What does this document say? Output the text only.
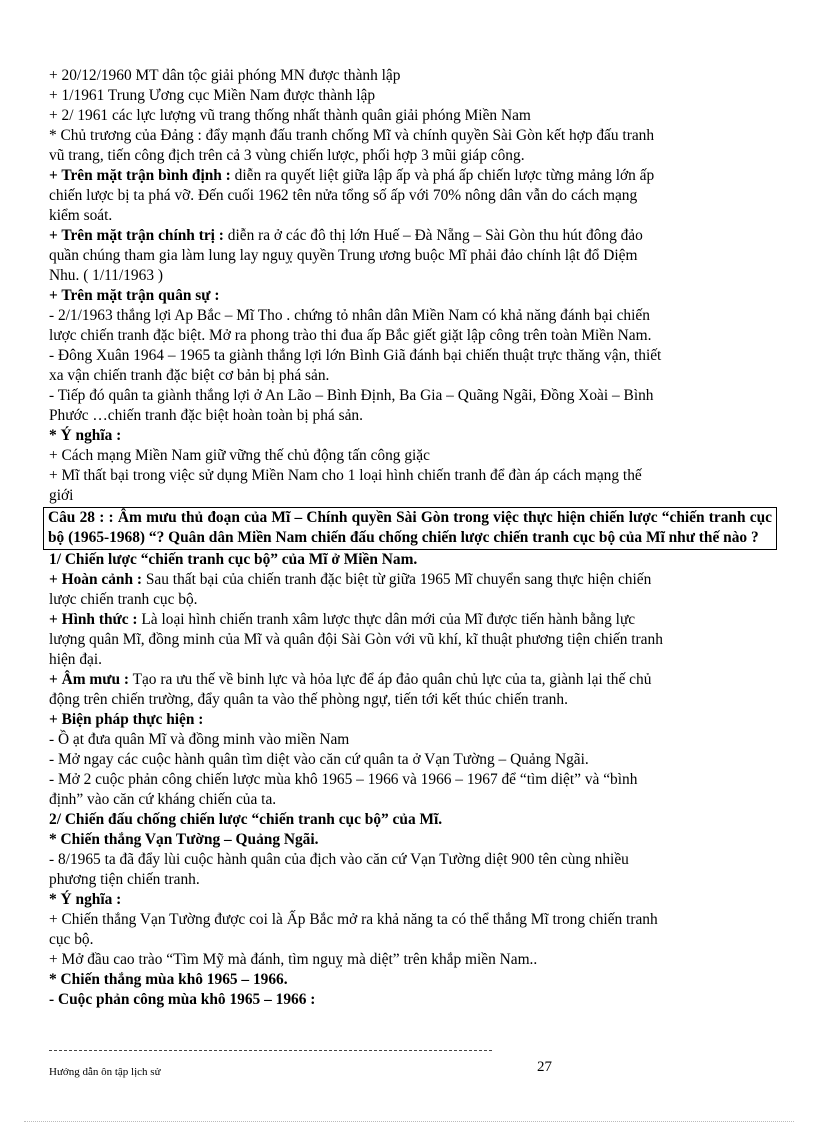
+ 20/12/1960 MT dân tộc giải phóng MN được thành lập
+ 1/1961 Trung Ương cục Miền Nam được thành lập
+ 2/ 1961 các lực lượng vũ trang thống nhất thành quân giải phóng Miền Nam
* Chủ trương của Đảng : đẩy mạnh đấu tranh chống Mĩ và chính quyền Sài Gòn kết hợp đấu tranh
vũ trang, tiến công địch trên cả 3 vùng chiến lược, phối hợp 3 mũi giáp công.
+ Trên mặt trận bình định : diễn ra quyết liệt giữa lập ấp và phá ấp chiến lược từng mảng lớn ấp
chiến lược bị ta phá vỡ. Đến cuối 1962 tên nửa tổng số ấp với 70% nông dân vẫn do cách mạng
kiểm soát.
+ Trên mặt trận chính trị : diễn ra ở các đô thị lớn Huế – Đà Nẵng – Sài Gòn thu hút đông đảo
quần chúng tham gia làm lung lay nguỵ quyền Trung ương buộc Mĩ phải đảo chính lật đổ Diệm
Nhu. ( 1/11/1963 )
+ Trên mặt trận quân sự :
- 2/1/1963 thắng lợi Ap Bắc – Mĩ Tho . chứng tỏ nhân dân Miền Nam có khả năng đánh bại chiến
lược chiến tranh đặc biệt. Mở ra phong trào thi đua ấp Bắc giết giặt lập công trên toàn Miền Nam.
- Đông Xuân 1964 – 1965 ta giành thắng lợi lớn Bình Giã đánh bại chiến thuật trực thăng vận, thiết
xa vận chiến tranh đặc biệt cơ bản bị phá sản.
- Tiếp đó quân ta giành thắng lợi ở An Lão – Bình Định, Ba Gia – Quãng Ngãi, Đồng Xoài – Bình
Phước …chiến tranh đặc biệt hoàn toàn bị phá sản.
* Ý nghĩa :
+ Cách mạng Miền Nam giữ vững thế chủ động tấn công giặc
+ Mĩ thất bại trong việc sử dụng Miền Nam cho 1 loại hình chiến tranh để đàn áp cách mạng thế
giới
Câu 28 : : Âm mưu thủ đoạn của Mĩ – Chính quyền Sài Gòn trong việc thực hiện chiến lược “chiến tranh cục bộ (1965-1968) “? Quân dân Miền Nam chiến đấu chống chiến lược chiến tranh cục bộ của Mĩ như thế nào ?
1/ Chiến lược “chiến tranh cục bộ” của Mĩ ở Miền Nam.
+ Hoàn cảnh : Sau thất bại của chiến tranh đặc biệt từ giữa 1965 Mĩ chuyển sang thực hiện chiến
lược chiến tranh cục bộ.
+ Hình thức : Là loại hình chiến tranh xâm lược thực dân mới của Mĩ được tiến hành bằng lực
lượng quân Mĩ, đồng minh của Mĩ và quân đội Sài Gòn với vũ khí, kĩ thuật phương tiện chiến tranh
hiện đại.
+ Âm mưu : Tạo ra ưu thế về binh lực và hỏa lực để áp đảo quân chủ lực của ta, giành lại thế chủ
động trên chiến trường, đẩy quân ta vào thế phòng ngự, tiến tới kết thúc chiến tranh.
+ Biện pháp thực hiện :
- Ồ ạt đưa quân Mĩ và đồng minh vào miền Nam
- Mở ngay các cuộc hành quân tìm diệt vào căn cứ quân ta ở Vạn Tường – Quảng Ngãi.
- Mở 2 cuộc phản công chiến lược mùa khô 1965 – 1966 và 1966 – 1967 để “tìm diệt” và “bình
định” vào căn cứ kháng chiến của ta.
2/ Chiến đấu chống chiến lược “chiến tranh cục bộ” của Mĩ.
* Chiến thắng Vạn Tường – Quảng Ngãi.
- 8/1965 ta đã đẩy lùi cuộc hành quân của địch vào căn cứ Vạn Tường diệt 900 tên cùng nhiều
phương tiện chiến tranh.
* Ý nghĩa :
+ Chiến thắng Vạn Tường được coi là Ấp Bắc mở ra khả năng ta có thể thắng Mĩ trong chiến tranh
cục bộ.
+ Mở đầu cao trào “Tìm Mỹ mà đánh, tìm nguỵ mà diệt” trên khắp miền Nam..
* Chiến thắng mùa khô 1965 – 1966.
- Cuộc phản công mùa khô 1965 – 1966 :
Hướng dẫn ôn tập lịch sử	27
